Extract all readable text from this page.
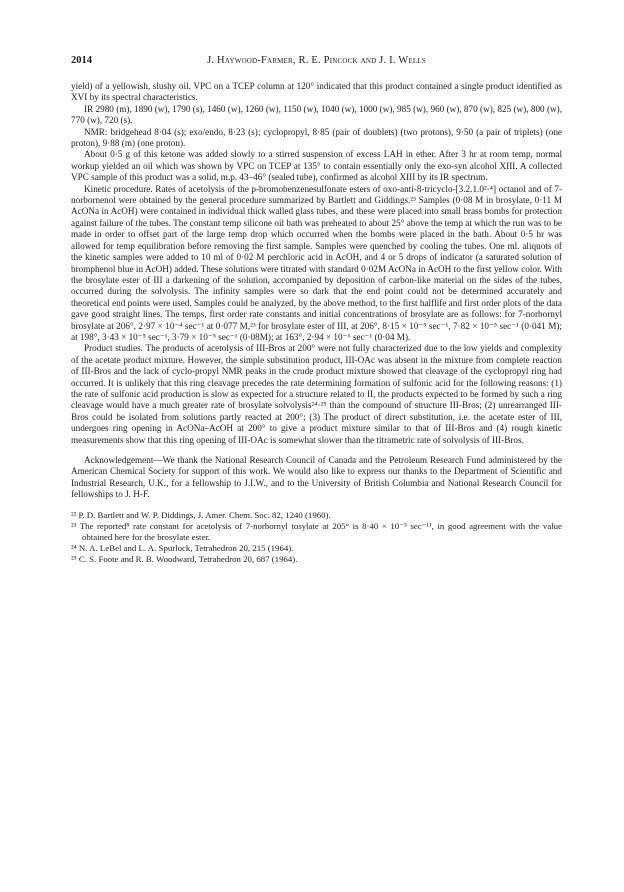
2014	J. Haywood-Farmer, R. E. Pincock and J. I. Wells

yield) of a yellowish, slushy oil. VPC on a TCEP column at 120° indicated that this product contained a single product identified as XVI by its spectral characteristics.

IR 2980 (m), 1890 (w), 1790 (s), 1460 (w), 1260 (w), 1150 (w), 1040 (w), 1000 (w), 985 (w), 960 (w), 870 (w), 825 (w), 800 (w), 770 (w), 720 (s).

NMR: bridgehead 8·04 (s); exo/endo, 8·23 (s); cyclopropyl, 8·85 (pair of doublets) (two protons), 9·50 (a pair of triplets) (one proton), 9·88 (m) (one proton).

About 0·5 g of this ketone was added slowly to a stirred suspension of excess LAH in ether. After 3 hr at room temp, normal workup yielded an oil which was shown by VPC on TCEP at 135° to contain essentially only the exo-syn alcohol XIII. A collected VPC sample of this product was a solid, m.p. 43–46° (sealed tube), confirmed as alcohol XIII by its IR spectrum.

Kinetic procedure. Rates of acetolysis of the p-bromobenzenesulfonate esters of oxo-anti-8-tricyclo-[3.2.1.0²·⁴] octanol and of 7-norbornenol were obtained by the general procedure summarized by Bartlett and Giddings.²³ Samples (0·08 M in brosylate, 0·11 M AcONa in AcOH) were contained in individual thick walled glass tubes, and these were placed into small brass bombs for protection against failure of the tubes. The constant temp silicone oil bath was preheated to about 25° above the temp at which the run was to be made in order to offset part of the large temp drop which occurred when the bombs were placed in the bath. About 0·5 hr was allowed for temp equilibration before removing the first sample. Samples were quenched by cooling the tubes. One ml. aliquots of the kinetic samples were added to 10 ml of 0·02 M perchloric acid in AcOH, and 4 or 5 drops of indicator (a saturated solution of bromphenol blue in AcOH) added. These solutions were titrated with standard 0·02M AcONa in AcOH to the first yellow color. With the brosylate ester of III a darkening of the solution, accompanied by deposition of carbon-like material on the sides of the tubes, occurred during the solvolysis. The infinity samples were so dark that the end point could not be determined accurately and theoretical end points were used. Samples could be analyzed, by the above method, to the first halflife and first order plots of the data gave good straight lines. The temps, first order rate constants and initial concentrations of brosylate are as follows: for 7-norbornyl brosylate at 206°, 2·97 × 10⁻⁴ sec⁻¹ at 0·077 M,²³ for brosylate ester of III, at 206°, 8·15 × 10⁻⁵ sec⁻¹, 7·82 × 10⁻⁵ sec⁻¹ (0·041 M); at 198°, 3·43 × 10⁻⁵ sec⁻¹, 3·79 × 10⁻⁵ sec⁻¹ (0·08M); at 163°, 2·94 × 10⁻⁶ sec⁻¹ (0·04 M).

Product studies. The products of acetolysis of III-Bros at 200° were not fully characterized due to the low yields and complexity of the acetate product mixture. However, the simple substitution product, III-OAc was absent in the mixture from complete reaction of III-Bros and the lack of cyclo-propyl NMR peaks in the crude product mixture showed that cleavage of the cyclopropyl ring had occurred. It is unlikely that this ring cleavage precedes the rate determining formation of sulfonic acid for the following reasons: (1) the rate of sulfonic acid production is slow as expected for a structure related to II, the products expected to be formed by such a ring cleavage would have a much greater rate of brosylate solvolysis²⁴·²⁵ than the compound of structure III-Bros; (2) unrearranged III-Bros could be isolated from solutions partly reacted at 200°; (3) The product of direct substitution, i.e. the acetate ester of III, undergoes ring opening in AcONa–AcOH at 200° to give a product mixture similar to that of III-Bros and (4) rough kinetic measurements show that this ring opening of III-OAc is somewhat slower than the titrametric rate of solvolysis of III-Bros.

Acknowledgement—We thank the National Research Council of Canada and the Petroleum Research Fund administered by the American Chemical Society for support of this work. We would also like to express our thanks to the Department of Scientific and Industrial Research, U.K., for a fellowship to J.I.W., and to the University of British Columbia and National Research Council for fellowships to J. H-F.

²² P. D. Bartlett and W. P. Diddings, J. Amer. Chem. Soc. 82, 1240 (1960).

²³ The reported⁸ rate constant for acetolysis of 7-norbornyl tosylate at 205° is 8·40 × 10⁻⁵ sec⁻¹¹, in good agreement with the value obtained here for the brosylate ester.

²⁴ N. A. LeBel and L. A. Spurlock, Tetrahedron 20, 215 (1964).

²⁵ C. S. Foote and R. B. Woodward, Tetrahedron 20, 687 (1964).
